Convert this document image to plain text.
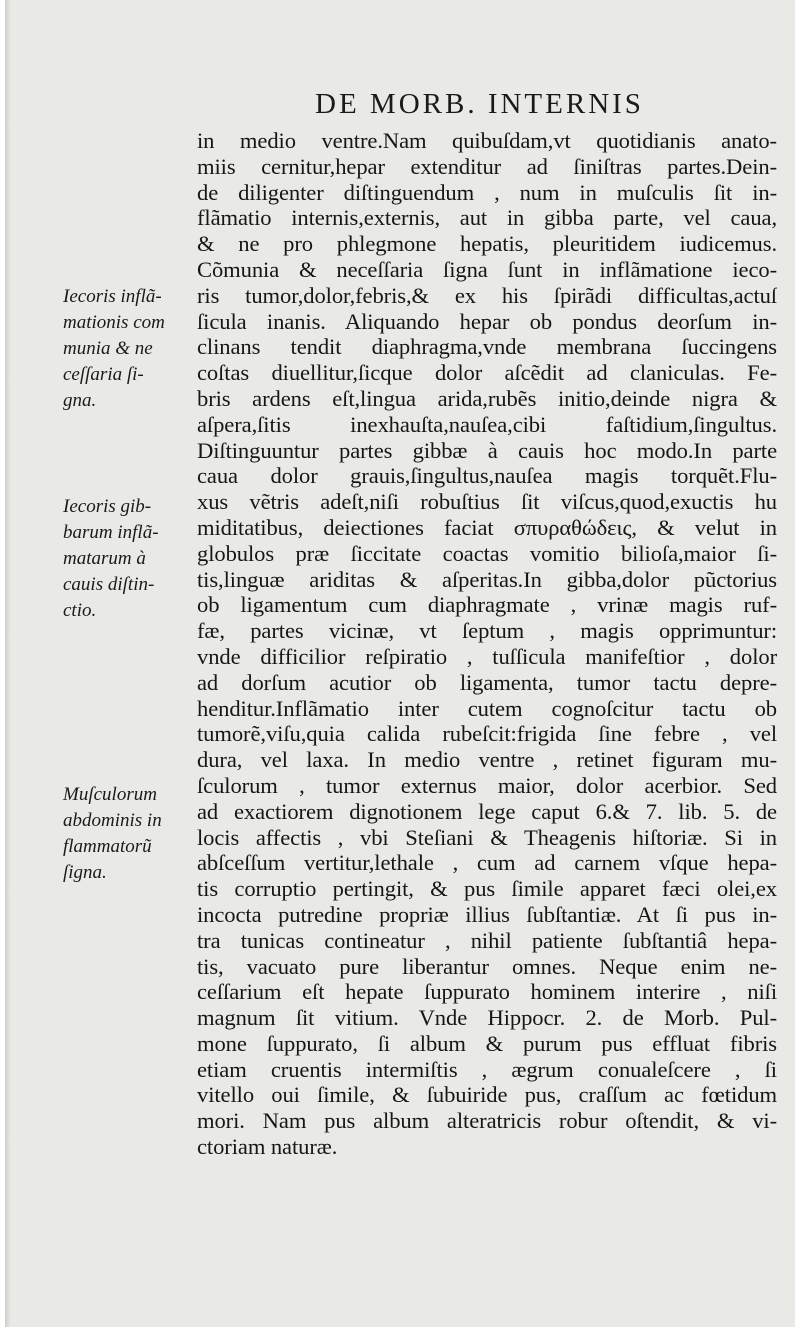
DE MORB. INTERNIS
in medio ventre.Nam quibuſdam,vt quotidianis anato-
miis cernitur,hepar extenditur ad ſiniſtras partes.Dein-
de diligenter diſtinguendum , num in muſculis ſit in-
flãmatio internis,externis, aut in gibba parte, vel caua,
& ne pro phlegmone hepatis, pleuritidem iudicemus.
Cõmunia & neceſſaria ſigna ſunt in inflãmatione ieco-
ris tumor,dolor,febris,& ex his ſpirãdi difficultas,actuſ
ſicula inanis. Aliquando hepar ob pondus deorſum in-
clinans tendit diaphragma,vnde membrana ſuccingens
coſtas diuellitur,ſicque dolor aſcẽdit ad claniculas. Fe-
bris ardens eſt,lingua arida,rubẽs initio,deinde nigra &
aſpera,ſitis inexhauſta,nauſea,cibi faſtidium,ſingultus.
Diſtinguuntur partes gibbæ à cauis hoc modo.In parte
caua dolor grauis,ſingultus,nauſea magis torquẽt.Flu-
xus vẽtris adeſt,niſi robuſtius ſit viſcus,quod,exuctis hu
miditatibus, deiectiones faciat σπυραθώδεις, & velut in
globulos præ ſiccitate coactas vomitio bilioſa,maior ſi-
tis,linguæ ariditas & aſperitas.In gibba,dolor pũctorius
ob ligamentum cum diaphragmate , vrinæ magis ruf-
fæ, partes vicinæ, vt ſeptum , magis opprimuntur:
vnde difficilior reſpiratio , tuſſicula manifeſtior , dolor
ad dorſum acutior ob ligamenta, tumor tactu depre-
henditur.Inflãmatio inter cutem cognoſcitur tactu ob
tumorẽ,viſu,quia calida rubeſcit:frigida ſine febre , vel
dura, vel laxa. In medio ventre , retinet figuram mu-
ſculorum , tumor externus maior, dolor acerbior. Sed
ad exactiorem dignotionem lege caput 6.& 7. lib. 5. de
locis affectis , vbi Steſiani & Theagenis hiſtoriæ. Si in
abſceſſum vertitur,lethale , cum ad carnem vſque hepa-
tis corruptio pertingit, & pus ſimile apparet fæci olei,ex
incocta putredine propriæ illius ſubſtantiæ. At ſi pus in-
tra tunicas contineatur , nihil patiente ſubſtantiâ hepa-
tis, vacuato pure liberantur omnes. Neque enim ne-
ceſſarium eſt hepate ſuppurato hominem interire , niſi
magnum ſit vitium. Vnde Hippocr. 2. de Morb. Pul-
mone ſuppurato, ſi album & purum pus effluat fibris
etiam cruentis intermiſtis , ægrum conualeſcere , ſi
vitello oui ſimile, & ſubuiride pus, craſſum ac fœtidum
mori. Nam pus album alteratricis robur oſtendit, & vi-
ctoriam naturæ.
Iecoris inflã-
mationis com
munia & ne
ceſſaria ſi-
gna.
Iecoris gib-
barum inflã-
matarum à
cauis diſtin-
ctio.
Muſculorum
abdominis in
flammatorũ
ſigna.
